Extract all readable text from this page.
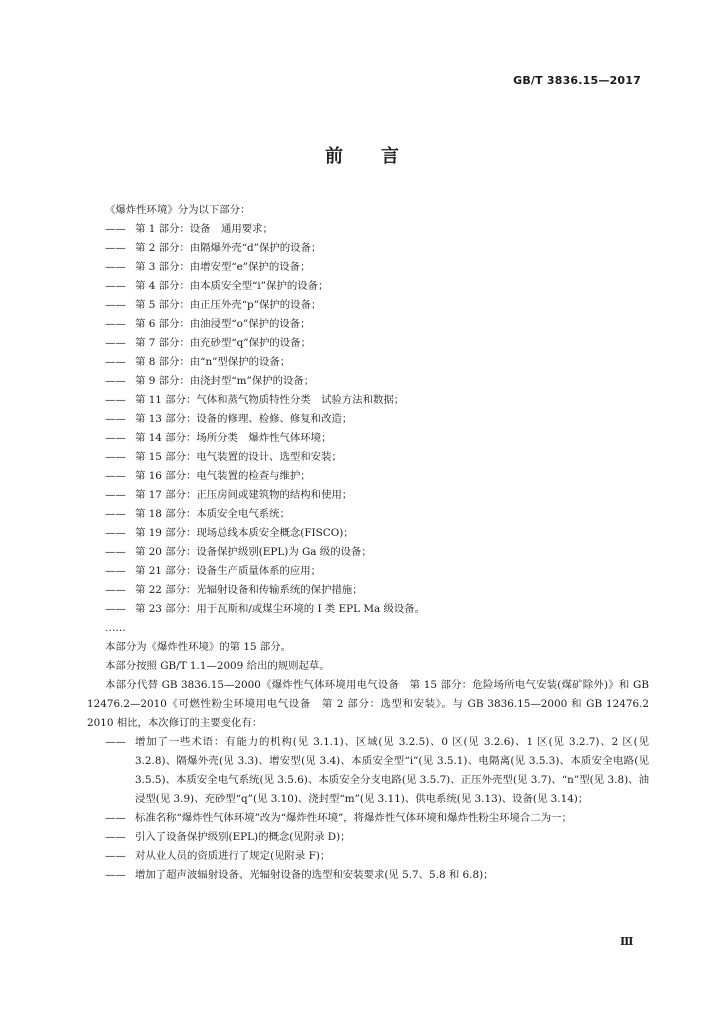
GB/T 3836.15—2017
前 言
《爆炸性环境》分为以下部分：
—— 第 1 部分：设备　通用要求；
—— 第 2 部分：由隔爆外壳“d”保护的设备；
—— 第 3 部分：由增安型“e”保护的设备；
—— 第 4 部分：由本质安全型“i”保护的设备；
—— 第 5 部分：由正压外壳“p”保护的设备；
—— 第 6 部分：由油浸型“o”保护的设备；
—— 第 7 部分：由充砂型“q”保护的设备；
—— 第 8 部分：由“n”型保护的设备；
—— 第 9 部分：由浇封型“m”保护的设备；
—— 第 11 部分：气体和蒸气物质特性分类　试验方法和数据；
—— 第 13 部分：设备的修理、检修、修复和改造；
—— 第 14 部分：场所分类　爆炸性气体环境；
—— 第 15 部分：电气装置的设计、选型和安装；
—— 第 16 部分：电气装置的检查与维护；
—— 第 17 部分：正压房间或建筑物的结构和使用；
—— 第 18 部分：本质安全电气系统；
—— 第 19 部分：现场总线本质安全概念(FISCO)；
—— 第 20 部分：设备保护级别(EPL)为 Ga 级的设备；
—— 第 21 部分：设备生产质量体系的应用；
—— 第 22 部分：光辐射设备和传输系统的保护措施；
—— 第 23 部分：用于瓦斯和/或煤尘环境的 I 类 EPL Ma 级设备。
……
本部分为《爆炸性环境》的第 15 部分。
本部分按照 GB/T 1.1—2009 给出的规则起草。
本部分代替 GB 3836.15—2000《爆炸性气体环境用电气设备　第 15 部分：危险场所电气安装(煤矿除外)》和 GB 12476.2—2010《可燃性粉尘环境用电气设备　第 2 部分：选型和安装》。与 GB 3836.15—2000 和 GB 12476.2　2010 相比，本次修订的主要变化有：
—— 增加了一些术语：有能力的机构(见 3.1.1)、区域(见 3.2.5)、0 区(见 3.2.6)、1 区(见 3.2.7)、2 区(见 3.2.8)、隔爆外壳(见 3.3)、增安型(见 3.4)、本质安全型“i”(见 3.5.1)、电隔离(见 3.5.3)、本质安全电路(见 3.5.5)、本质安全电气系统(见 3.5.6)、本质安全分支电路(见 3.5.7)、正压外壳型(见 3.7)、“n”型(见 3.8)、油浸型(见 3.9)、充砂型“q”(见 3.10)、浇封型“m”(见 3.11)、供电系统(见 3.13)、设备(见 3.14)；
—— 标准名称“爆炸性气体环境”改为“爆炸性环境”，将爆炸性气体环境和爆炸性粉尘环境合二为一；
—— 引入了设备保护级别(EPL)的概念(见附录 D)；
—— 对从业人员的资质进行了规定(见附录 F)；
—— 增加了超声波辐射设备、光辐射设备的选型和安装要求(见 5.7、5.8 和 6.8)；
Ⅲ
